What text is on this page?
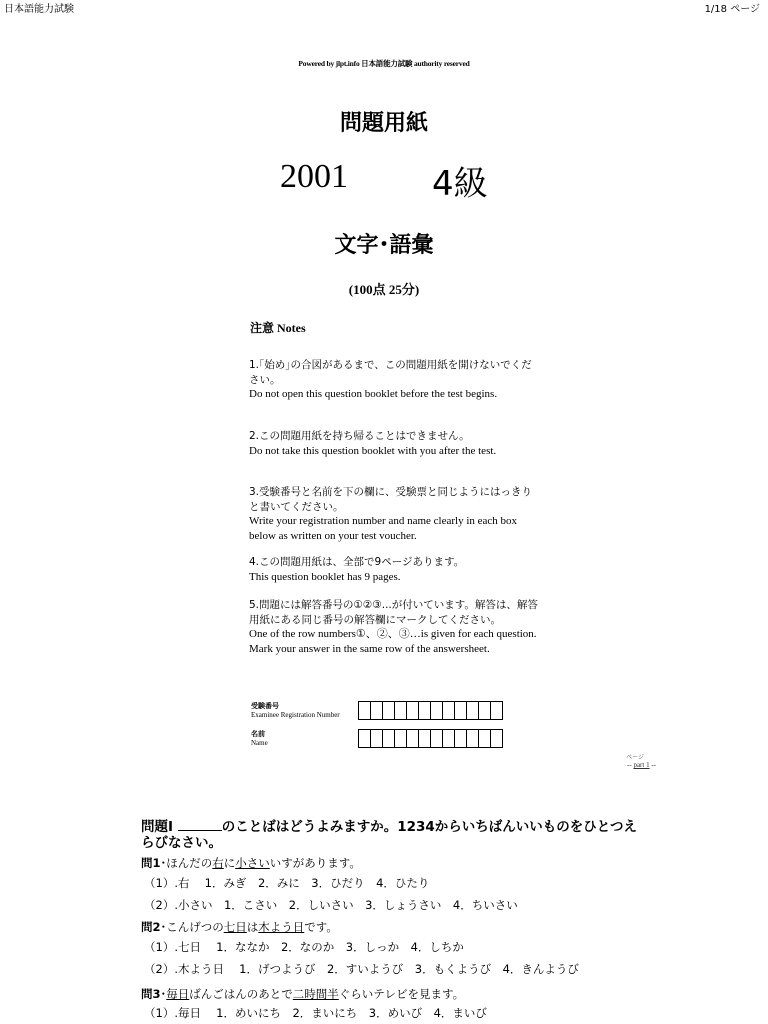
日本語能力試験	1/18 ページ
Powered by jlpt.info 日本語能力試験 authority reserved
問題用紙
2001 4級
文字･語彙
(100点 25分)
注意 Notes
1.｢始め｣の合図があるまで、この問題用紙を開けないでください。
Do not open this question booklet before the test begins.
2.この問題用紙を持ち帰ることはできません。
Do not take this question booklet with you after the test.
3.受験番号と名前を下の欄に、受験票と同じようにはっきりと書いてください。
Write your registration number and name clearly in each box below as written on your test voucher.
4.この問題用紙は、全部で9ページあります。
This question booklet has 9 pages.
5.問題には解答番号の①②③...が付いています。解答は、解答用紙にある同じ番号の解答欄にマークしてください。
One of the row numbers①、②、③…is given for each question. Mark your answer in the same row of the answersheet.
受験番号
Examinee Registration Number
名前
Name
ページ
-- part 1 --
問題Ⅰ	のことばはどうよみますか。1234からいちばんいいものをひとつえらびなさい。
問1･ほんだの右に小さいいすがあります。
（1）.右　 1．みぎ　2．みに　3．ひだり　4．ひたり
（2）.小さい　1．こさい　2．しいさい　3．しょうさい　4．ちいさい
問2･こんげつの七日は木よう日です。
（1）.七日　 1．ななか　2．なのか　3．しっか　4．しちか
（2）.木よう日　 1．げつようび　2．すいようび　3．もくようび　4．きんようび
問3･毎日ばんごはんのあとで二時間半ぐらいテレビを見ます。
（1）.毎日　 1．めいにち　2．まいにち　3．めいび　4．まいび
